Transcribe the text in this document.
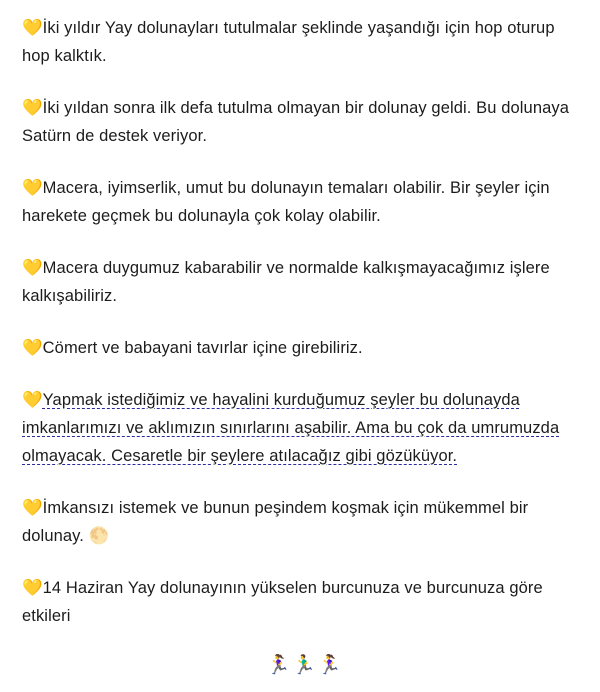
💛İki yıldır Yay dolunayları tutulmalar şeklinde yaşandığı için hop oturup hop kalktık.

💛İki yıldan sonra ilk defa tutulma olmayan bir dolunay geldi. Bu dolunaya Satürn de destek veriyor.

💛Macera, iyimserlik, umut bu dolunayın temaları olabilir. Bir şeyler için harekete geçmek bu dolunayla çok kolay olabilir.

💛Macera duygumuz kabarabilir ve normalde kalkışmayacağımız işlere kalkışabiliriz.

💛Cömert ve babayani tavırlar içine girebiliriz.

💛Yapmak istediğimiz ve hayalini kurduğumuz şeyler bu dolunayda imkanlarımızı ve aklımızın sınırlarını aşabilir. Ama bu çok da umrumuzda olmayacak. Cesaretle bir şeylere atılacağız gibi gözüküyor.

💛İmkansızı istemek ve bunun peşindem koşmak için mükemmel bir dolunay. 🌕

💛14 Haziran Yay dolunayının yükselen burcunuza ve burcunuza göre etkileri

🏃‍♀️🏃‍♂️🏃‍♀️
